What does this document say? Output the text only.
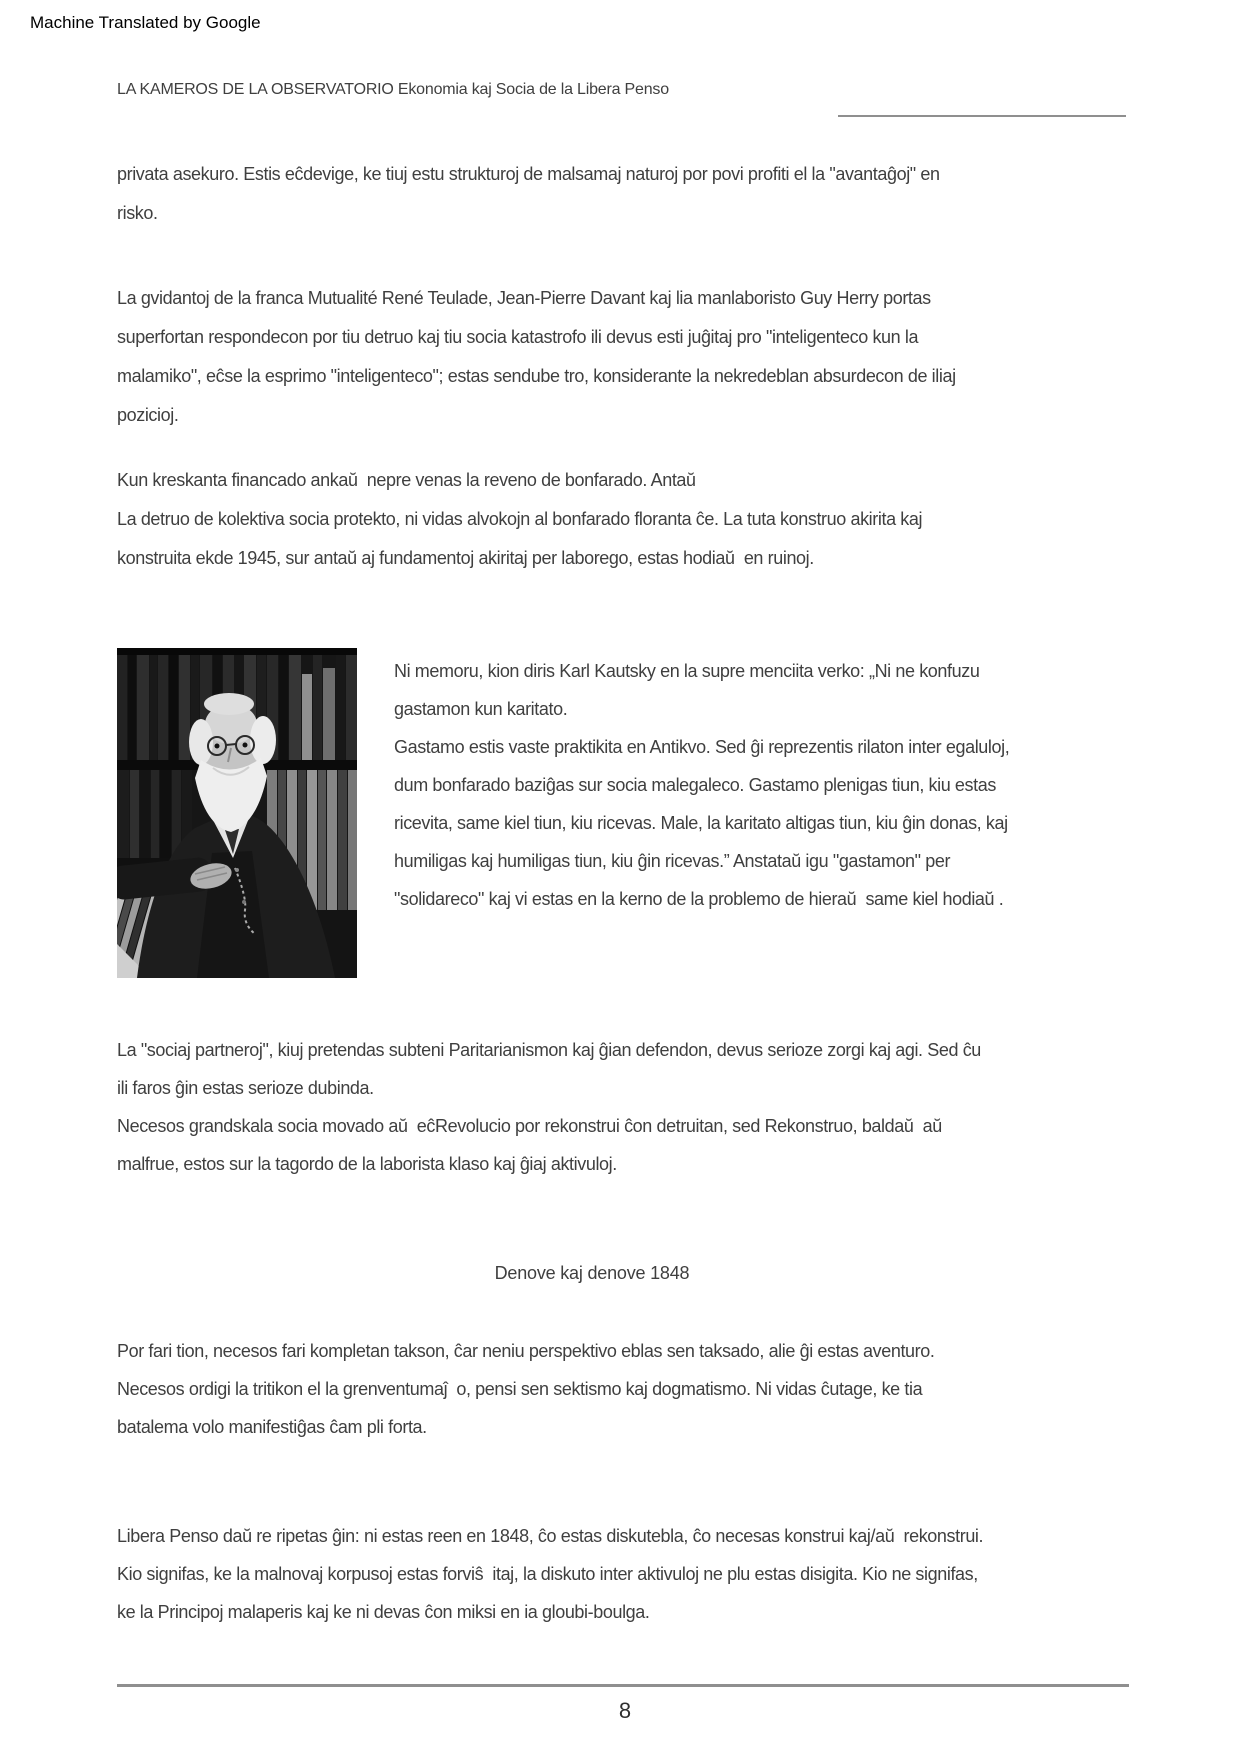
Machine Translated by Google
LA KAMEROS DE LA OBSERVATORIO Ekonomia kaj Socia de la Libera Penso
privata asekuro. Estis eĉdevige, ke tiuj estu strukturoj de malsamaj naturoj por povi profiti el la "avantaĝoj" en
risko.
La gvidantoj de la franca Mutualité René Teulade, Jean-Pierre Davant kaj lia manlaboristo Guy Herry portas
superfortan respondecon por tiu detruo kaj tiu socia katastrofo ili devus esti juĝitaj pro "inteligenteco kun la
malamiko", eĉse la esprimo "inteligenteco"; estas sendube tro, konsiderante la nekredeblan absurdecon de iliaj
pozicioj.
Kun kreskanta financado ankaŭ  nepre venas la reveno de bonfarado. Antaŭ
La detruo de kolektiva socia protekto, ni vidas alvokojn al bonfarado floranta ĉe. La tuta konstruo akirita kaj
konstruita ekde 1945, sur antaŭ aj fundamentoj akiritaj per laborego, estas hodiaŭ  en ruinoj.
Ni memoru, kion diris Karl Kautsky en la supre menciita verko: „Ni ne konfuzu
gastamon kun karitato.
Gastamo estis vaste praktikita en Antikvo. Sed ĝi reprezentis rilaton inter egaluloj,
dum bonfarado baziĝas sur socia malegaleco. Gastamo plenigas tiun, kiu estas
ricevita, same kiel tiun, kiu ricevas. Male, la karitato altigas tiun, kiu ĝin donas, kaj
humiligas kaj humiligas tiun, kiu ĝin ricevas.” Anstataŭ igu "gastamon" per
"solidareco" kaj vi estas en la kerno de la problemo de hieraŭ  same kiel hodiaŭ .
La "sociaj partneroj", kiuj pretendas subteni Paritarianismon kaj ĝian defendon, devus serioze zorgi kaj agi. Sed ĉu
ili faros ĝin estas serioze dubinda.
Necesos grandskala socia movado aŭ  eĉRevolucio por rekonstrui ĉon detruitan, sed Rekonstruo, baldaŭ  aŭ
malfrue, estos sur la tagordo de la laborista klaso kaj ĝiaj aktivuloj.
Denove kaj denove 1848
Por fari tion, necesos fari kompletan takson, ĉar neniu perspektivo eblas sen taksado, alie ĝi estas aventuro.
Necesos ordigi la tritikon el la grenventumaĵ  o, pensi sen sektismo kaj dogmatismo. Ni vidas ĉutage, ke tia
batalema volo manifestiĝas ĉam pli forta.
Libera Penso daŭ re ripetas ĝin: ni estas reen en 1848, ĉo estas diskutebla, ĉo necesas konstrui kaj/aŭ  rekonstrui.
Kio signifas, ke la malnovaj korpusoj estas forviŝ  itaj, la diskuto inter aktivuloj ne plu estas disigita. Kio ne signifas,
ke la Principoj malaperis kaj ke ni devas ĉon miksi en ia gloubi-boulga.
8
